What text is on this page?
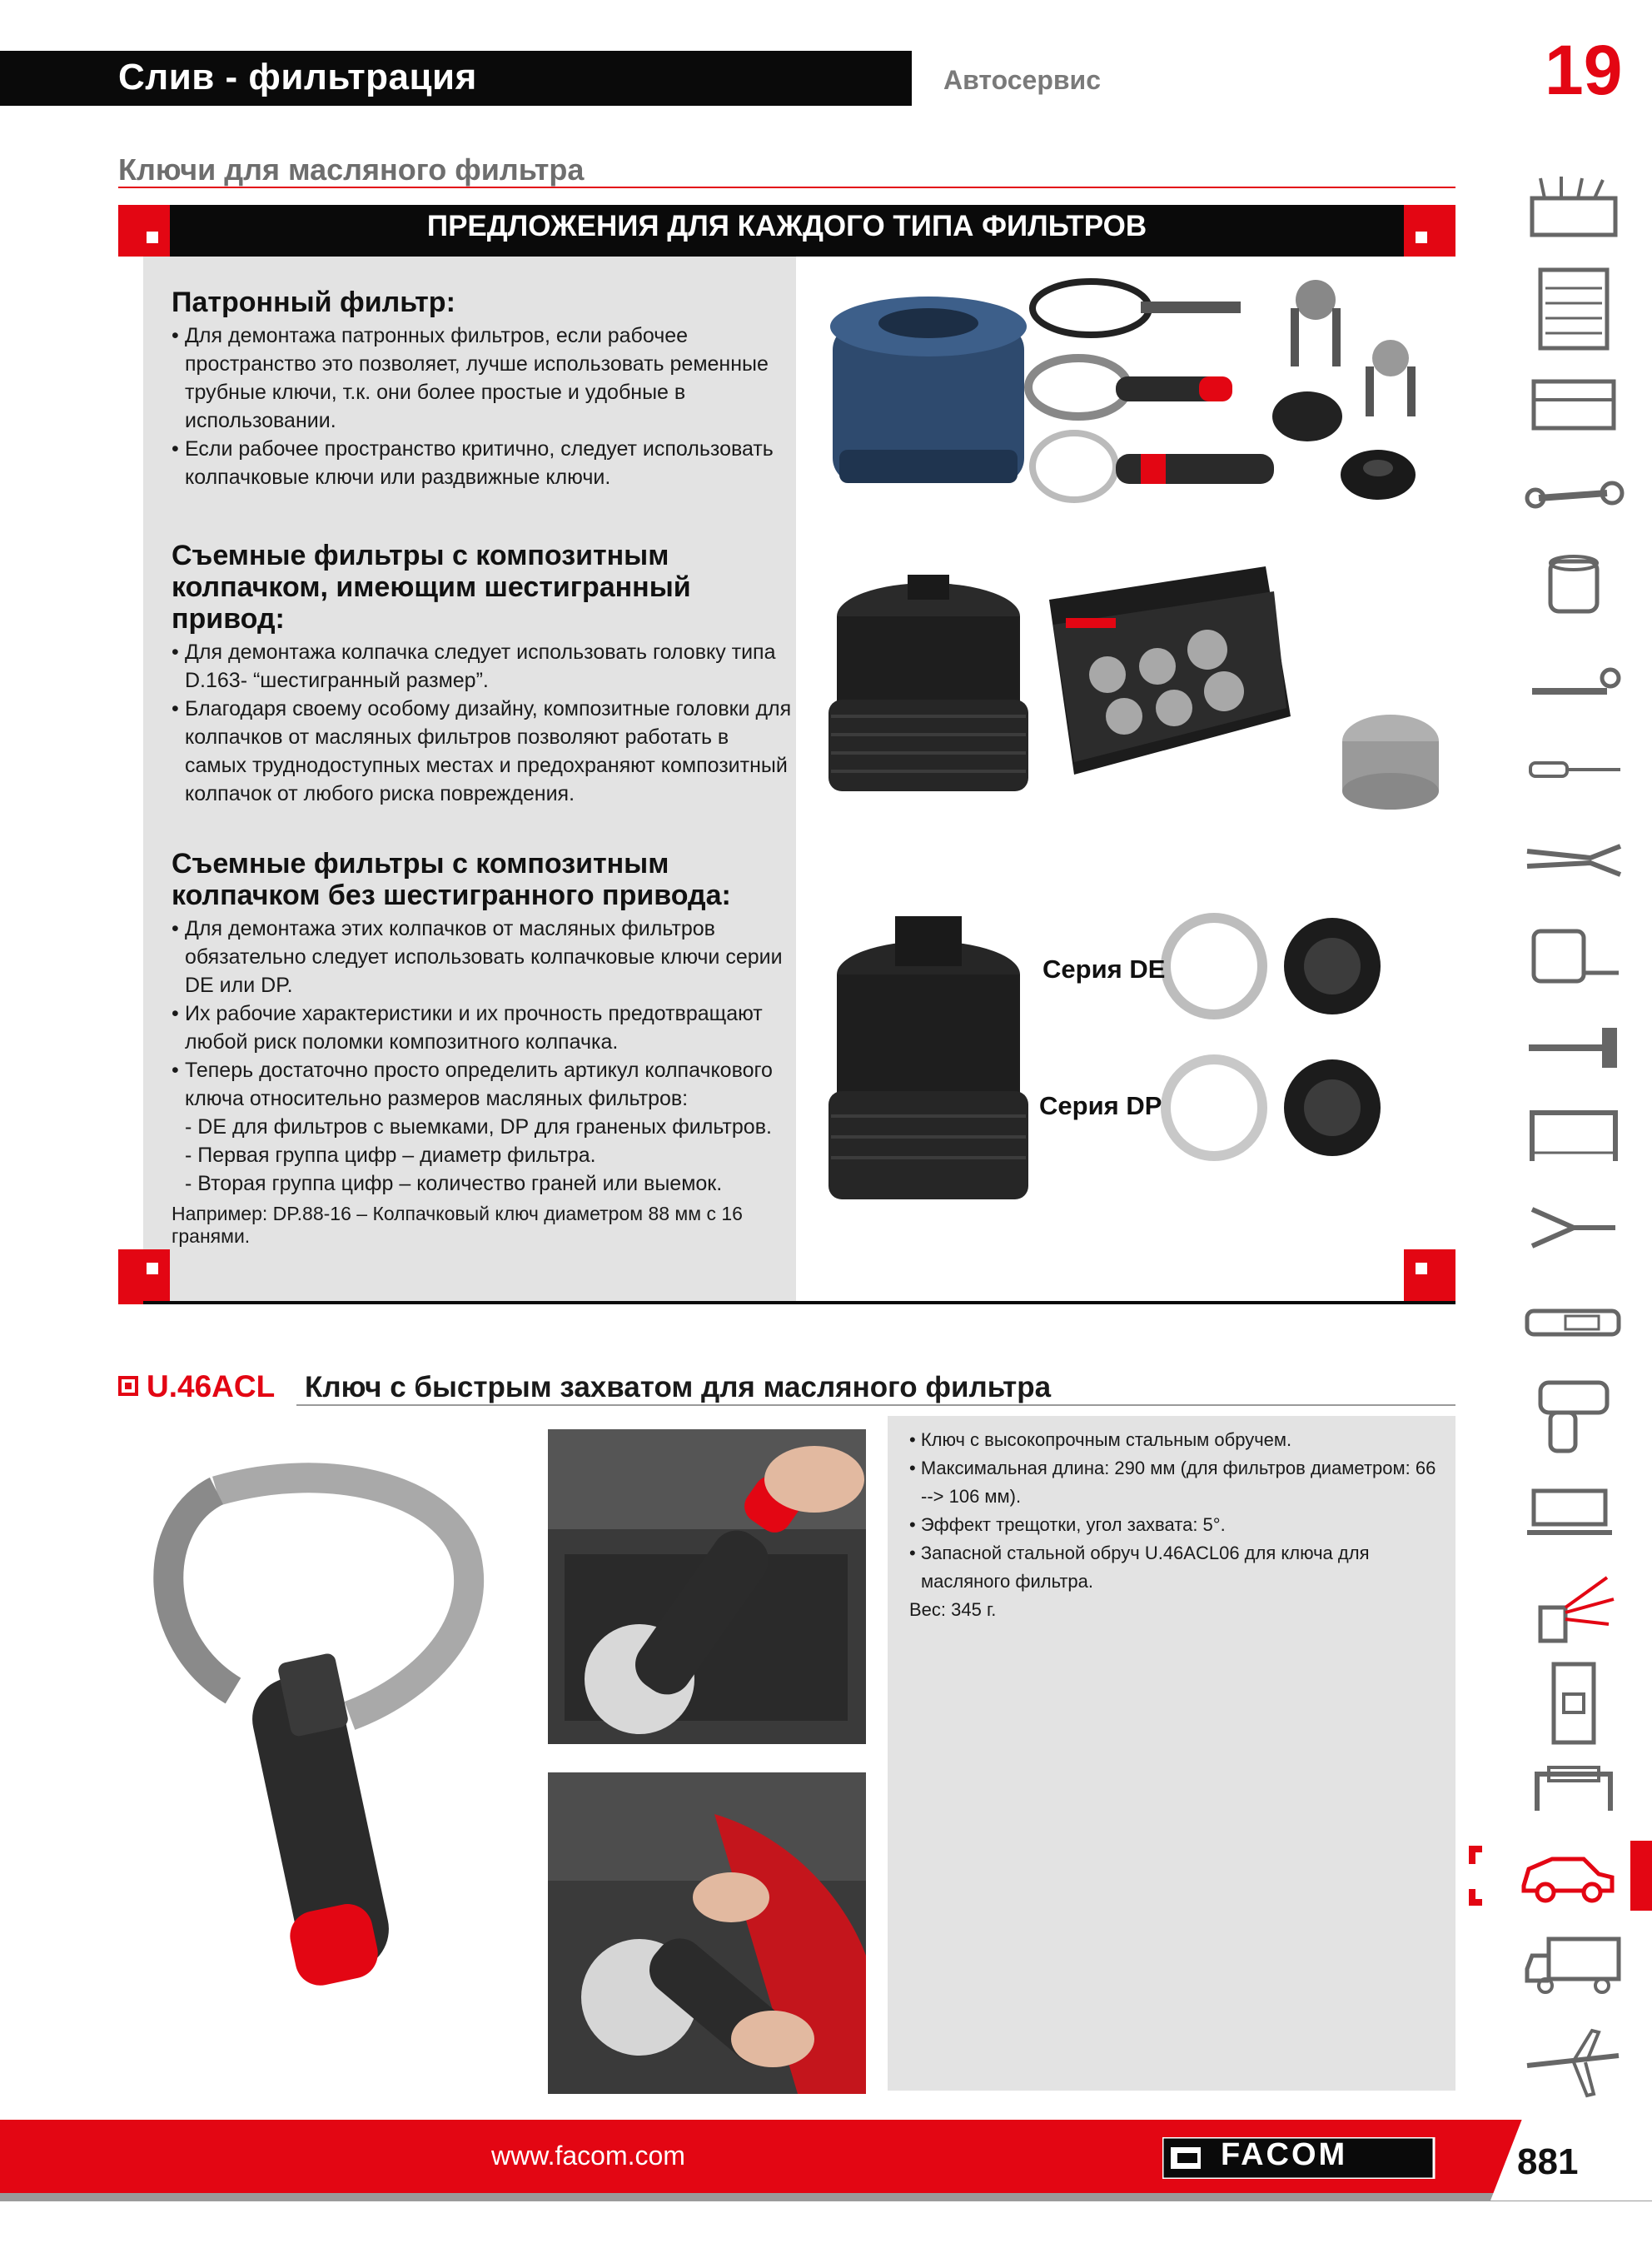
Слив - фильтрация	Автосервис	19
Ключи для масляного фильтра
ПРЕДЛОЖЕНИЯ ДЛЯ КАЖДОГО ТИПА ФИЛЬТРОВ
Патронный фильтр:
• Для демонтажа патронных фильтров, если рабочее пространство это позволяет, лучше использовать ременные трубные ключи, т.к. они более простые и удобные в использовании.
• Если рабочее пространство критично, следует использовать колпачковые ключи или раздвижные ключи.
Съемные фильтры с композитным колпачком, имеющим шестигранный привод:
• Для демонтажа колпачка следует использовать головку типа D.163- “шестигранный размер”.
• Благодаря своему особому дизайну, композитные головки для колпачков от масляных фильтров позволяют работать в самых труднодоступных местах и предохраняют композитный колпачок от любого риска повреждения.
Съемные фильтры с композитным колпачком без шестигранного привода:
• Для демонтажа этих колпачков от масляных фильтров обязательно следует использовать колпачковые ключи серии DE или DP.
• Их рабочие характеристики и их прочность предотвращают любой риск поломки композитного колпачка.
• Теперь достаточно просто определить артикул колпачкового ключа относительно размеров масляных фильтров:
- DE для фильтров с выемками, DP для граненых фильтров.
- Первая группа цифр – диаметр фильтра.
- Вторая группа цифр – количество граней или выемок.
Например: DP.88-16 – Колпачковый ключ диаметром 88 мм с 16 гранями.
Серия DE
Серия DP
U.46ACL Ключ с быстрым захватом для масляного фильтра
• Ключ с высокопрочным стальным обручем.
• Максимальная длина: 290 мм (для фильтров диаметром: 66 --> 106 мм).
• Эффект трещотки, угол захвата: 5°.
• Запасной стальной обруч U.46ACL06 для ключа для масляного фильтра.
Вес: 345 г.
www.facom.com	FACOM	881
